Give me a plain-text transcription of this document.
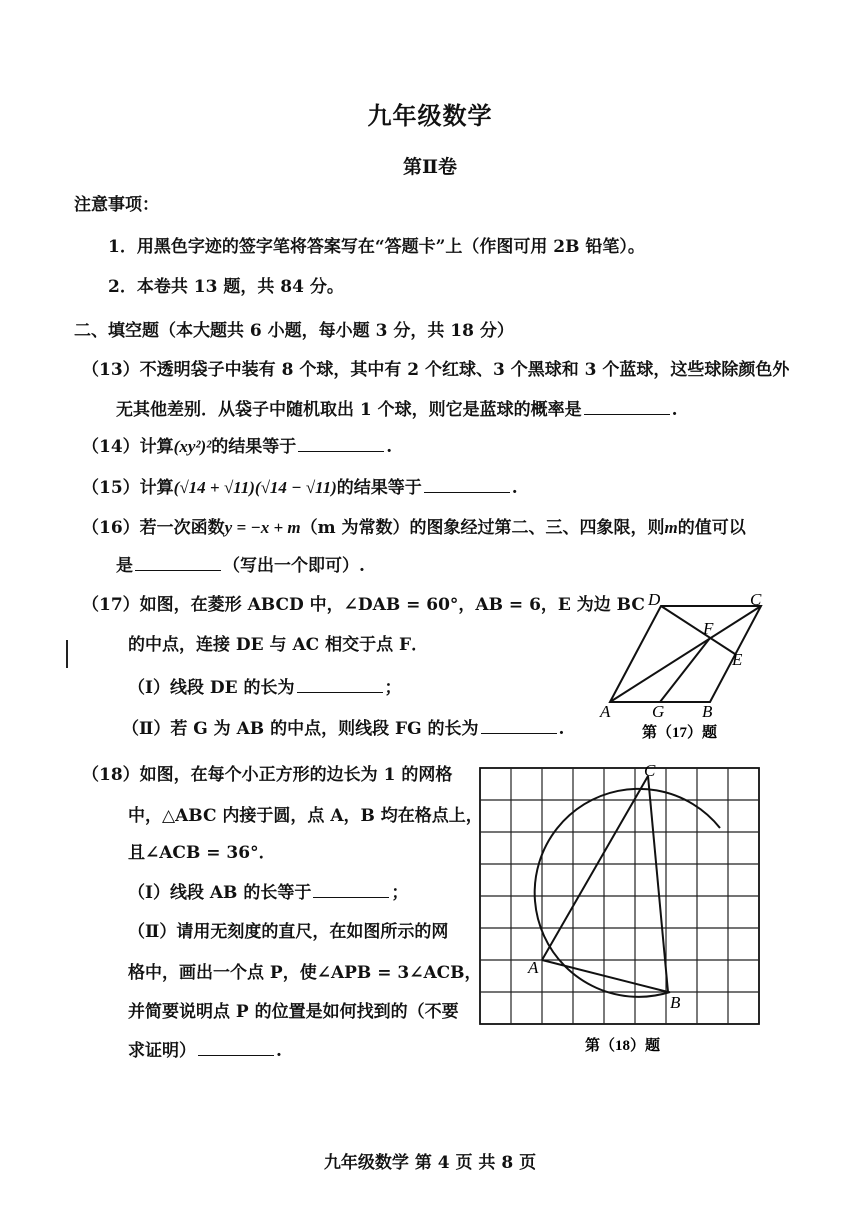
九年级数学
第Ⅱ卷
注意事项：
1．用黑色字迹的签字笔将答案写在“答题卡”上（作图可用 2B 铅笔）。
2．本卷共 13 题，共 84 分。
二、填空题（本大题共 6 小题，每小题 3 分，共 18 分）
（13）不透明袋子中装有 8 个球，其中有 2 个红球、3 个黑球和 3 个蓝球，这些球除颜色外
无其他差别．从袋子中随机取出 1 个球，则它是蓝球的概率是	.
（14）计算(xy²)²的结果等于	.
（15）计算(√14 + √11)(√14 − √11)的结果等于	.
（16）若一次函数y = −x + m（m 为常数）的图象经过第二、三、四象限，则m的值可以
是	（写出一个即可）.
（17）如图，在菱形 ABCD 中，∠DAB = 60°，AB = 6，E 为边 BC
的中点，连接 DE 与 AC 相交于点 F．
（Ⅰ）线段 DE 的长为	；
（Ⅱ）若 G 为 AB 的中点，则线段 FG 的长为	.
D	C
F
E
A G B
第（17）题
（18）如图，在每个小正方形的边长为 1 的网格
中，△ABC 内接于圆，点 A，B 均在格点上，
且∠ACB = 36°．
（Ⅰ）线段 AB 的长等于	；
（Ⅱ）请用无刻度的直尺，在如图所示的网
格中，画出一个点 P，使∠APB = 3∠ACB，
并简要说明点 P 的位置是如何找到的（不要
求证明）	.
C
A
B
第（18）题
九年级数学 第 4 页 共 8 页
